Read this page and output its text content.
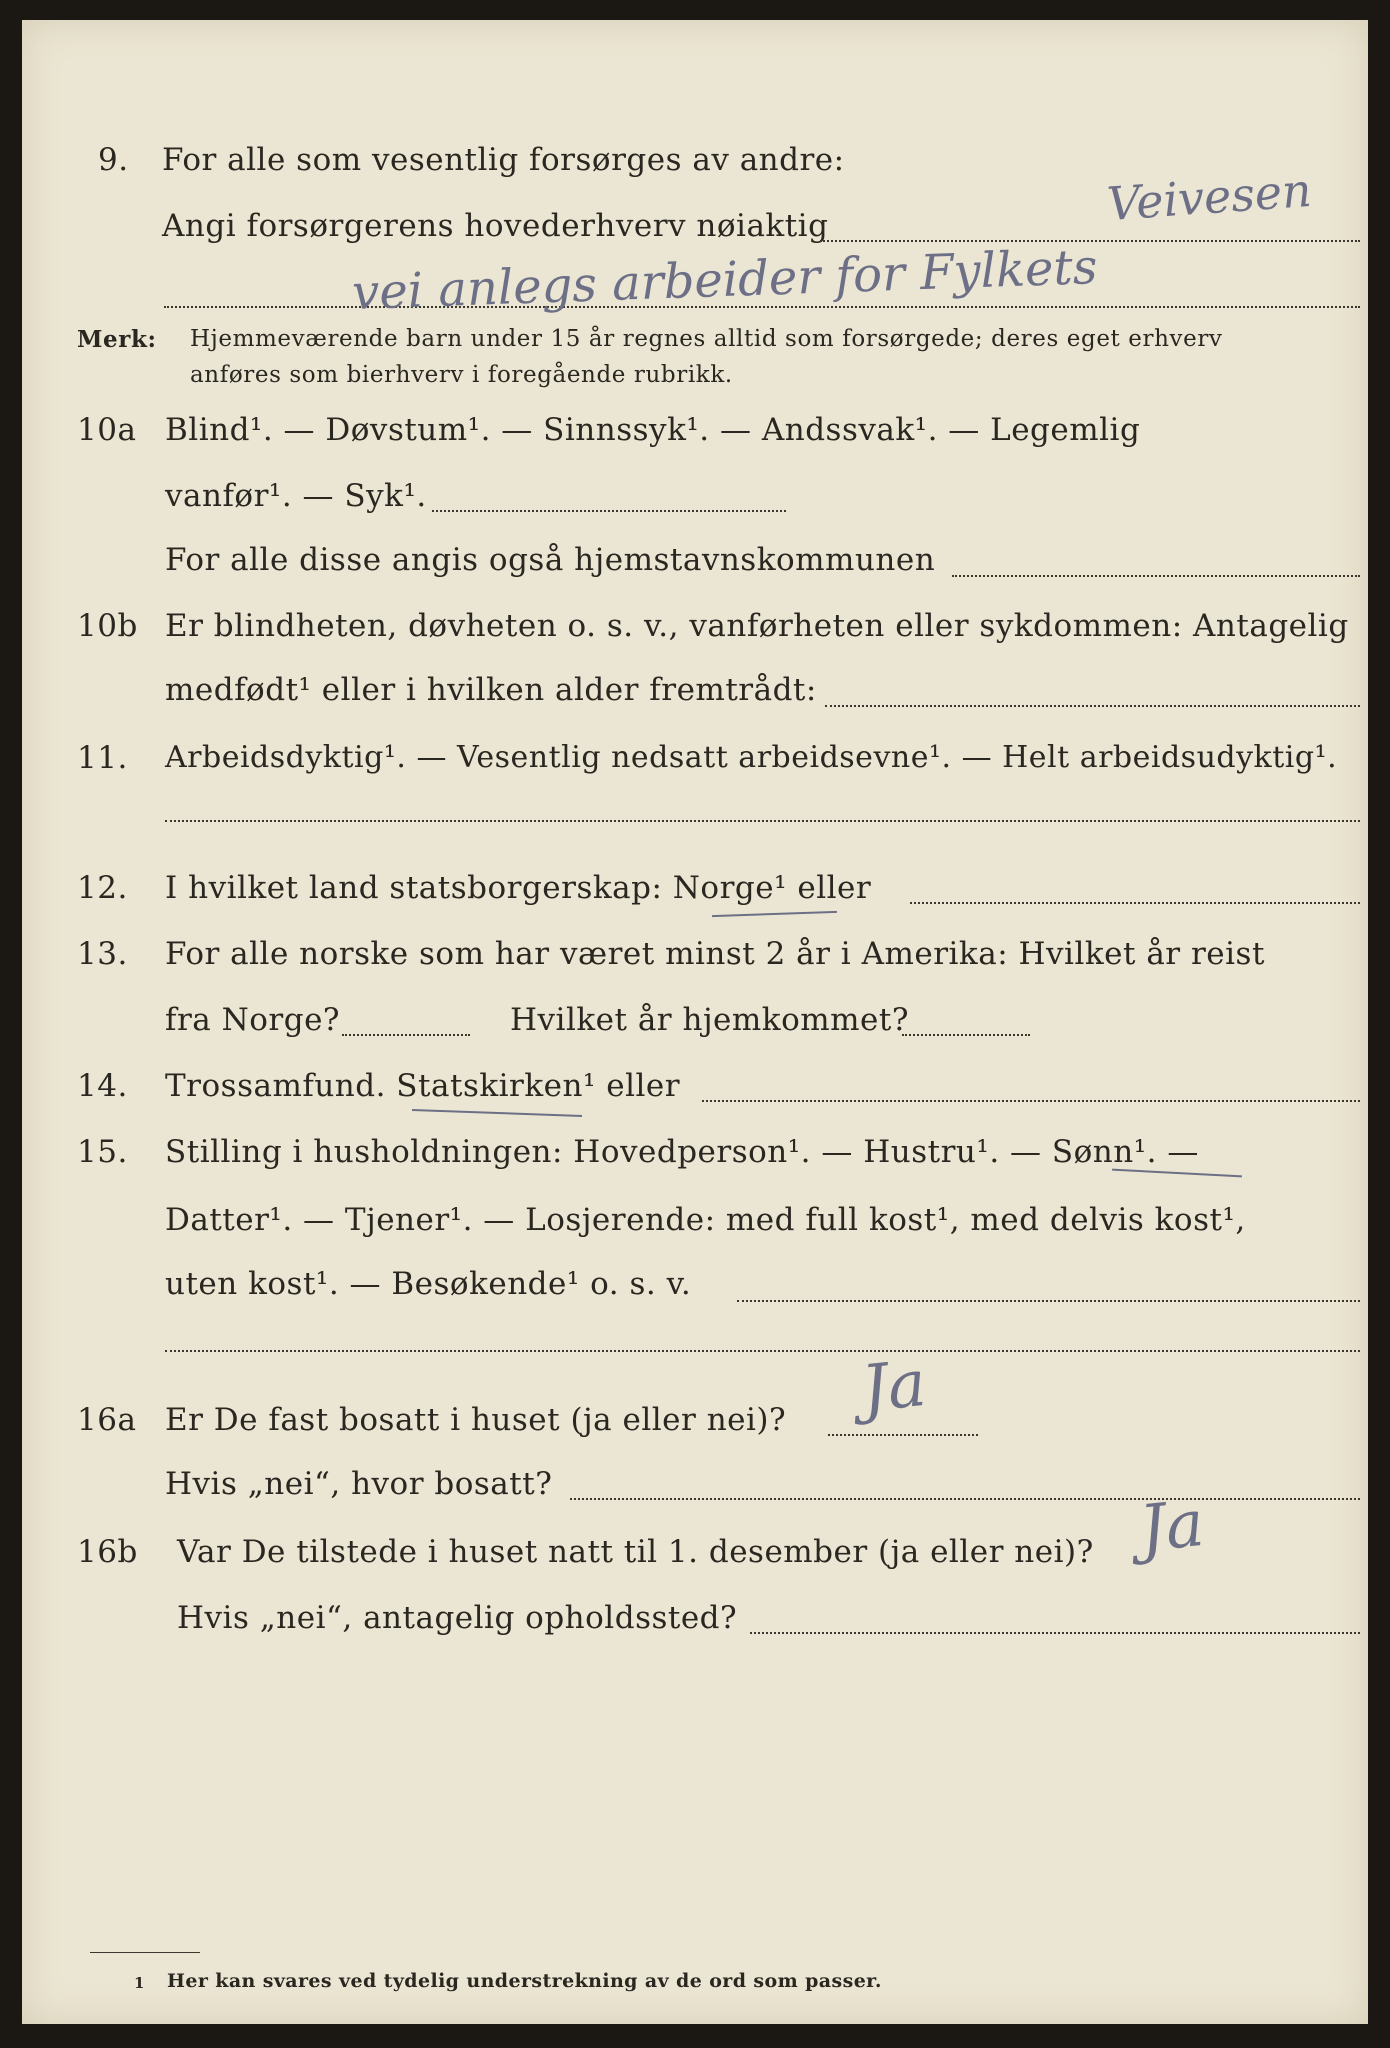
9.	For alle som vesentlig forsørges av andre:
Angi forsørgerens hovederhverv nøiaktig	Veivesen
vei anlegs arbeider for Fylkets
Merk: Hjemmeværende barn under 15 år regnes alltid som forsørgede; deres eget erhverv
anføres som bierhverv i foregående rubrikk.
10a Blind¹. — Døvstum¹. — Sinnssyk¹. — Andssvak¹. — Legemlig
vanfør¹. — Syk¹.
For alle disse angis også hjemstavnskommunen
10b Er blindheten, døvheten o. s. v., vanførheten eller sykdommen: Antagelig
medfødt¹ eller i hvilken alder fremtrådt:
11.	Arbeidsdyktig¹. — Vesentlig nedsatt arbeidsevne¹. — Helt arbeidsudyktig¹.
12.	I hvilket land statsborgerskap: Norge¹ eller
13.	For alle norske som har været minst 2 år i Amerika: Hvilket år reist
fra Norge?	Hvilket år hjemkommet?
14.	Trossamfund. Statskirken¹ eller
15.	Stilling i husholdningen: Hovedperson¹. — Hustru¹. — Sønn¹. —
Datter¹. — Tjener¹. — Losjerende: med full kost¹, med delvis kost¹,
uten kost¹. — Besøkende¹ o. s. v.
16a Er De fast bosatt i huset (ja eller nei)? Ja
Hvis „nei“, hvor bosatt?
16b	Var De tilstede i huset natt til 1. desember (ja eller nei)? Ja
Hvis „nei“, antagelig opholdssted?
1 Her kan svares ved tydelig understrekning av de ord som passer.
